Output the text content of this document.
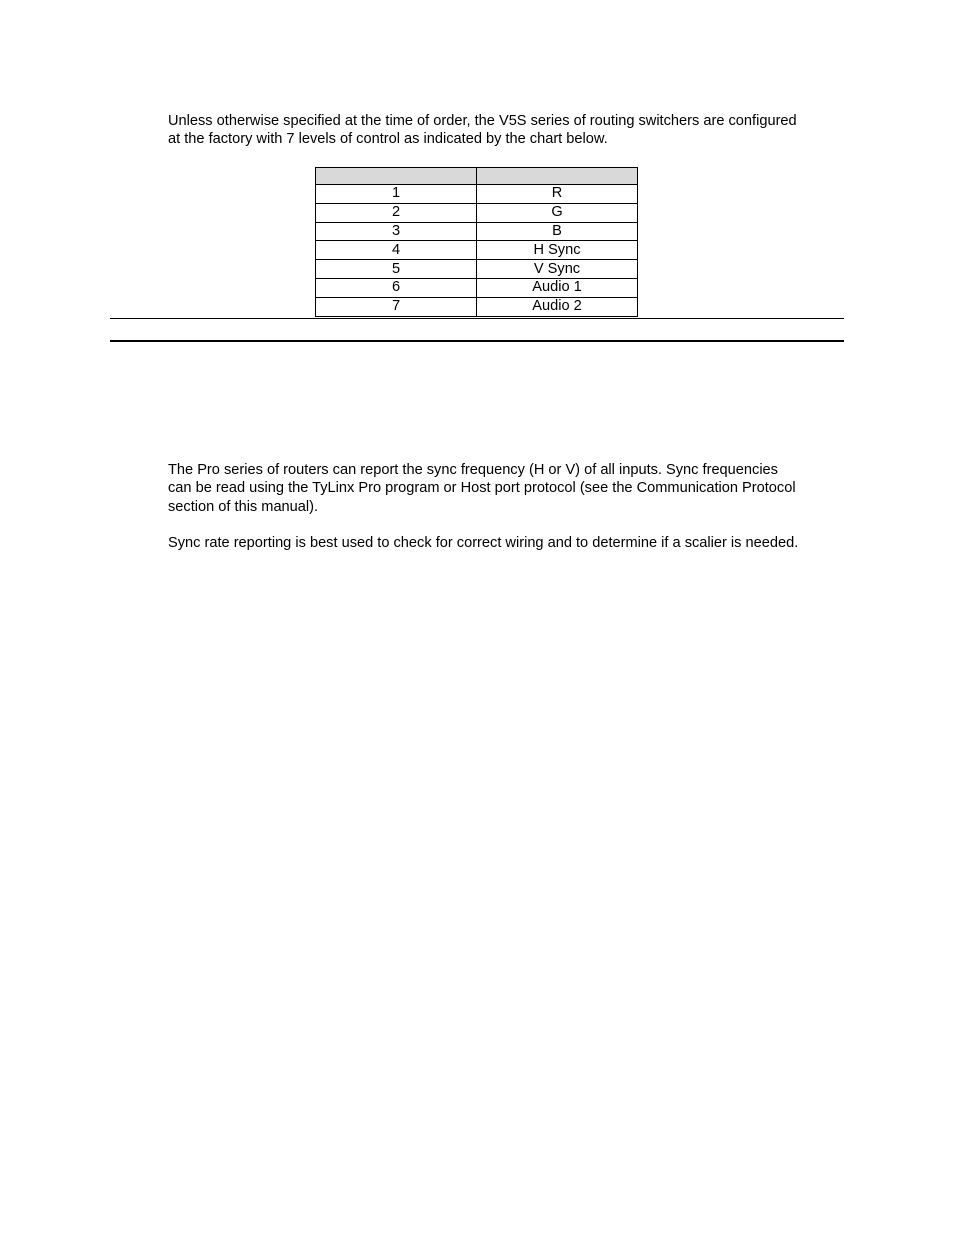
Unless otherwise specified at the time of order, the V5S series of routing switchers are configured
at the factory with 7 levels of control as indicated by the chart below.

1	R
2	G
3	B
4	H Sync
5	V Sync
6	Audio 1
7	Audio 2

The Pro series of routers can report the sync frequency (H or V) of all inputs. Sync frequencies
can be read using the TyLinx Pro program or Host port protocol (see the Communication Protocol
section of this manual).

Sync rate reporting is best used to check for correct wiring and to determine if a scalier is needed.
